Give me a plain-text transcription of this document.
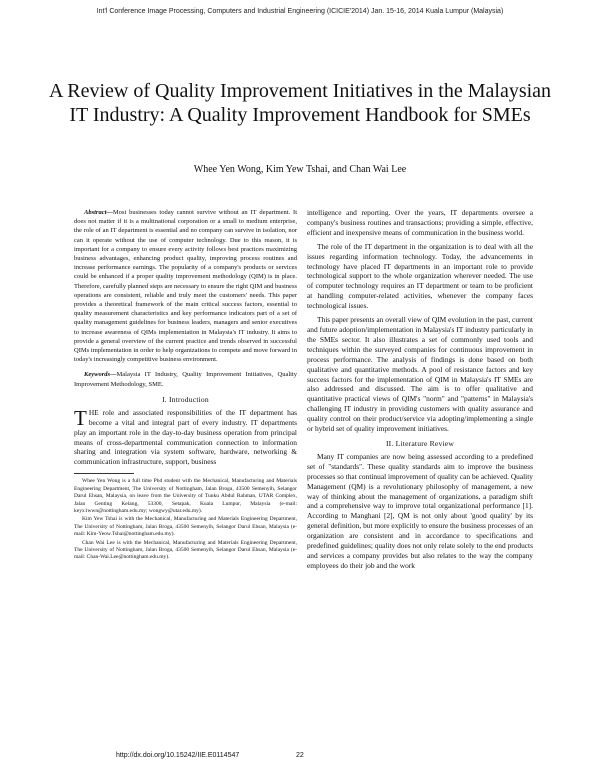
Int'l Conference Image Processing, Computers and Industrial Engineering (ICICIE'2014) Jan. 15-16, 2014 Kuala Lumpur (Malaysia)
A Review of Quality Improvement Initiatives in the Malaysian IT Industry: A Quality Improvement Handbook for SMEs
Whee Yen Wong, Kim Yew Tshai, and Chan Wai Lee

Abstract—Most businesses today cannot survive without an IT department. It does not matter if it is a multinational corporation or a small to medium enterprise, the role of an IT department is essential and no company can survive in isolation, nor can it operate without the use of computer technology. Due to this reason, it is important for a company to ensure every activity follows best practices maximizing business advantages, enhancing product quality, improving process routines and increase performance earnings. The popularity of a company's products or services could be enhanced if a proper quality improvement methodology (QIM) is in place. Therefore, carefully planned steps are necessary to ensure the right QIM and business operations are consistent, reliable and truly meet the customers' needs. This paper provides a theoretical framework of the main critical success factors, essential to quality measurement characteristics and key performance indicators part of a set of quality management guidelines for business leaders, managers and senior executives to increase awareness of QIMs implementation in Malaysia's IT industry. It aims to provide a general overview of the current practice and trends observed in successful QIMs implementation in order to help organizations to compete and move forward in today's increasingly competitive business environment.

Keywords—Malaysia IT Industry, Quality Improvement Initiatives, Quality Improvement Methodology, SME.

I. Introduction

THE role and associated responsibilities of the IT department has become a vital and integral part of every industry. IT departments play an important role in the day-to-day business operation from principal means of cross-departmental communication connection to information sharing and integration via system software, hardware, networking & communication infrastructure, support, business

Whee Yen Wong is a full time Phd student with the Mechanical, Manufacturing and Materials Engineering Department, The University of Nottingham, Jalan Broga, 43500 Semenyih, Selangor Darul Ehsan, Malaysia, on leave from the University of Tunku Abdul Rahman, UTAR Complex, Jalan Genting Kelang, 53300, Setapak, Kuala Lumpur, Malaysia (e-mail: keyx1wwn@nottingham.edu.my; wongwy@utar.edu.my).

Kim Yew Tshai is with the Mechanical, Manufacturing and Materials Engineering Department, The University of Nottingham, Jalan Broga, 43500 Semenyih, Selangor Darul Ehsan, Malaysia (e-mail: Kim-Yeow.Tshai@nottingham.edu.my).

Chan Wai Lee is with the Mechanical, Manufacturing and Materials Engineering Department, The University of Nottingham, Jalan Broga, 43500 Semenyih, Selangor Darul Ehsan, Malaysia (e-mail: Chan-Wai.Lee@nottingham.edu.my).

intelligence and reporting. Over the years, IT departments oversee a company's business routines and transactions; providing a simple, effective, efficient and inexpensive means of communication in the business world.

The role of the IT department in the organization is to deal with all the issues regarding information technology. Today, the advancements in technology have placed IT departments in an important role to provide technological support to the whole organization wherever needed. The use of computer technology requires an IT department or team to be proficient at handling computer-related activities, whenever the company faces technological issues.

This paper presents an overall view of QIM evolution in the past, current and future adoption/implementation in Malaysia's IT industry particularly in the SMEs sector. It also illustrates a set of commonly used tools and techniques within the surveyed companies for continuous improvement in process performance. The analysis of findings is done based on both qualitative and quantitative methods. A pool of resistance factors and key success factors for the implementation of QIM in Malaysia's IT SMEs are also addressed and discussed. The aim is to offer qualitative and quantitative practical views of QIM's "norm" and "patterns" in Malaysia's challenging IT industry in providing customers with quality assurance and quality control on their product/service via adopting/implementing a single or hybrid set of quality improvement initiatives.

II. Literature Review

Many IT companies are now being assessed according to a predefined set of "standards". These quality standards aim to improve the business processes so that continual improvement of quality can be achieved. Quality Management (QM) is a revolutionary philosophy of management, a new way of thinking about the management of organizations, a paradigm shift and a comprehensive way to improve total organizational performance [1]. According to Manghani [2], QM is not only about 'good quality' by its general definition, but more explicitly to ensure the business processes of an organization are consistent and in accordance to specifications and predefined guidelines; quality does not only relate solely to the end products and services a company provides but also relates to the way the company employees do their job and the work

http://dx.doi.org/10.15242/IIE.E0114547	22
